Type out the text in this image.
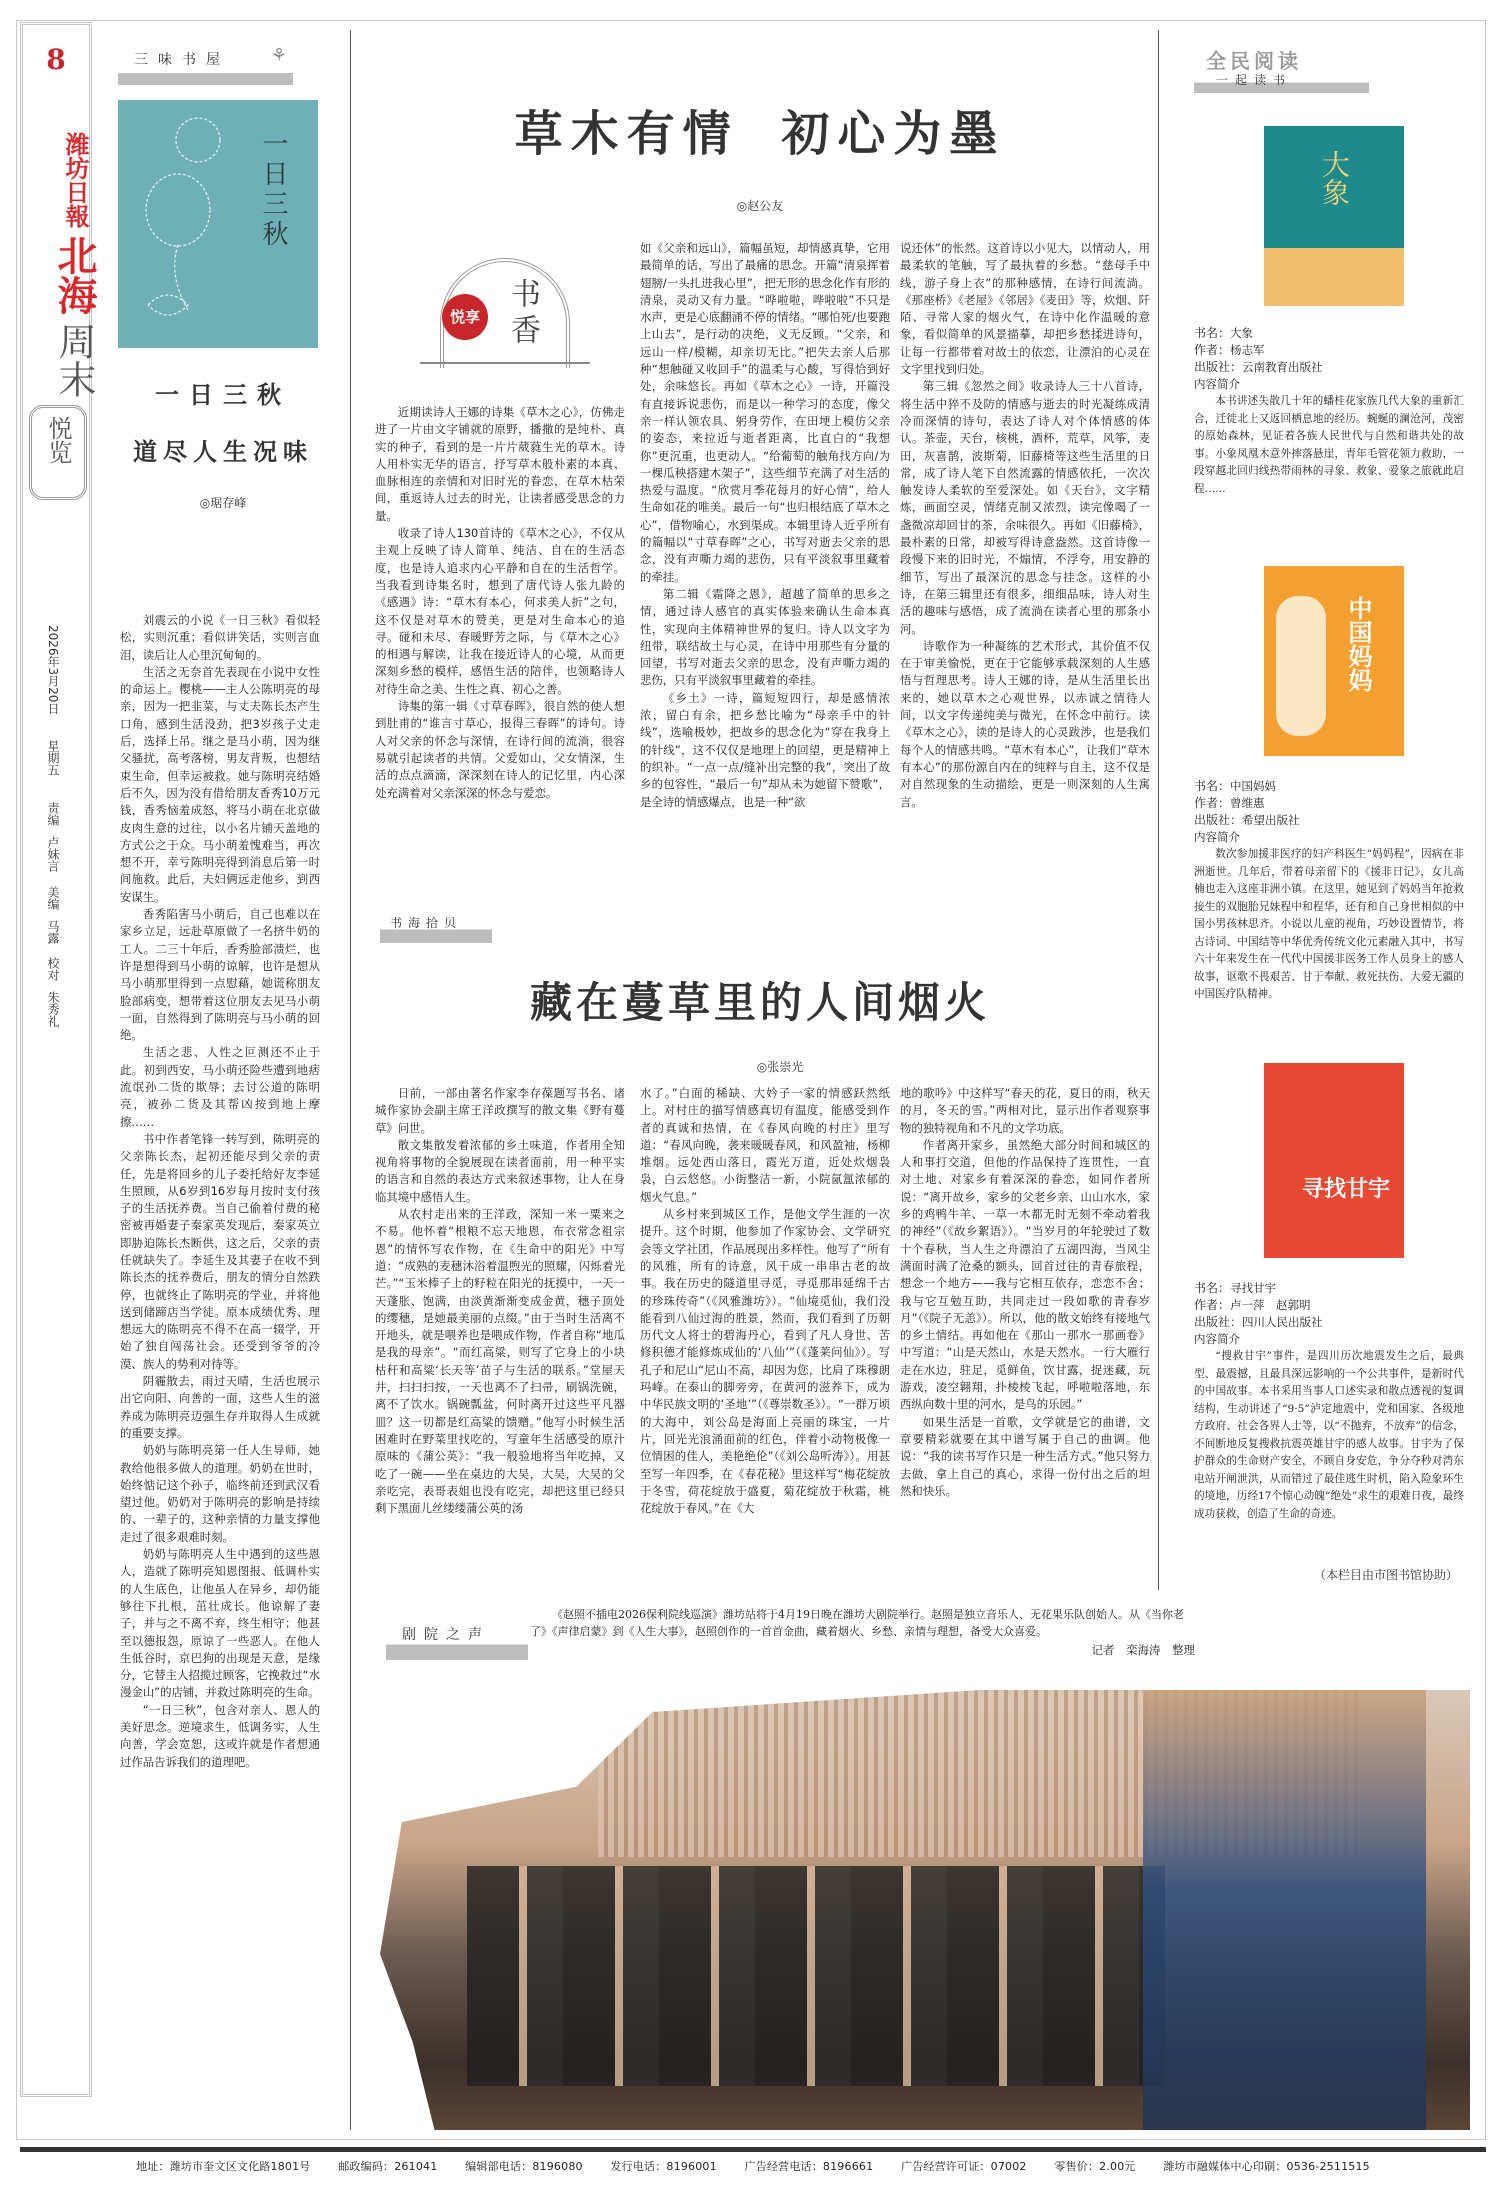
8
潍坊日報
北海
周末
悦览
2026年3月20日 星期五 责编 卢妹言 美编 马露 校对 朱秀礼
三味书屋 ⚘
一日三秋
一日三秋
道尽人生况味
◎琚存峰

刘震云的小说《一日三秋》看似轻松，实则沉重；看似讲笑话，实则言血泪，读后让人心里沉甸甸的。

生活之无奈首先表现在小说中女性的命运上。樱桃——主人公陈明亮的母亲，因为一把韭菜，与丈夫陈长杰产生口角，感到生活没劲，把3岁孩子丈走后，选择上吊。继之是马小萌，因为继父骚扰，高考落榜，男友背叛，也想结束生命，但幸运被救。她与陈明亮结婚后不久，因为没有借给朋友香秀10万元钱，香秀恼羞成怒，将马小萌在北京做皮肉生意的过往，以小名片铺天盖地的方式公之于众。马小萌羞愧难当，再次想不开，幸亏陈明亮得到消息后第一时间施救。此后，夫妇俩远走他乡，到西安谋生。

香秀陷害马小萌后，自己也难以在家乡立足，远赴草原做了一名挤牛奶的工人。二三十年后，香秀脸部溃烂，也许是想得到马小萌的谅解，也许是想从马小萌那里得到一点慰藉，她谎称朋友脸部病变，想带着这位朋友去见马小萌一面，自然得到了陈明亮与马小萌的回绝。

生活之悲、人性之叵测还不止于此。初到西安，马小萌还险些遭到地痞流氓孙二货的欺辱；去讨公道的陈明亮，被孙二货及其帮凶按到地上摩擦……

书中作者笔锋一转写到，陈明亮的父亲陈长杰，起初还能尽到父亲的责任，先是将回乡的儿子委托给好友李延生照顾，从6岁到16岁每月按时支付孩子的生活抚养费。当自己偷着付费的秘密被再婚妻子秦家英发现后，秦家英立即胁迫陈长杰断供，这之后，父亲的责任就缺失了。李延生及其妻子在收不到陈长杰的抚养费后，朋友的情分自然跌停，也就终止了陈明亮的学业，并将他送到储蹄店当学徒。原本成绩优秀、理想远大的陈明亮不得不在高一辍学，开始了独自闯荡社会。还受到爷爷的冷漠、族人的势利对待等。

阴霾散去，雨过天晴，生活也展示出它向阳、向善的一面，这些人生的滋养成为陈明亮迈强生存并取得人生成就的重要支撑。

奶奶与陈明亮第一任人生导师，她教给他很多做人的道理。奶奶在世时，始终惦记这个孙子，临终前还到武汉看望过他。奶奶对于陈明亮的影响是持续的、一辈子的，这种亲情的力量支撑他走过了很多艰难时刻。

奶奶与陈明亮人生中遇到的这些恩人，造就了陈明亮知恩图报、低调朴实的人生底色，让他虽人在异乡，却仍能够往下扎根，茁壮成长。他谅解了妻子，并与之不离不弃，终生相守；他甚至以德报怨，原谅了一些恶人。在他人生低谷时，京巴狗的出现是天意，是缘分，它替主人招揽过顾客，它挽救过“水漫金山”的店铺，并救过陈明亮的生命。

“一日三秋”，包含对亲人、恩人的美好思念。逆境求生，低调务实，人生向善，学会宽恕，这或许就是作者想通过作品告诉我们的道理吧。

草木有情  初心为墨
◎赵公友
悦享 书香

近期读诗人王娜的诗集《草木之心》，仿佛走进了一片由文字铺就的原野，播撒的是纯朴、真实的种子，看到的是一片片葳蕤生光的草木。诗人用朴实无华的语言，抒写草木般朴素的本真、血脉相连的亲情和对旧时光的眷恋，在草木枯荣间，重返诗人过去的时光，让读者感受思念的力量。

收录了诗人130首诗的《草木之心》，不仅从主观上反映了诗人简单、纯洁、自在的生活态度，也是诗人追求内心平静和自在的生活哲学。当我看到诗集名时，想到了唐代诗人张九龄的《感遇》诗：“草木有本心，何求美人折”之句，这不仅是对草木的赞美，更是对生命本心的追寻。碰和未尽、春暖野芳之际，与《草木之心》的相遇与解读，让我在接近诗人的心境，从而更深刻乡愁的模样，感悟生活的陪伴，也领略诗人对待生命之美、生性之真、初心之善。

诗集的第一辑《寸草春晖》，很自然的使人想到肚甫的“谁言寸草心，报得三春晖”的诗句。诗人对父亲的怀念与深情，在诗行间的流淌，很容易就引起读者的共情。父爱如山，父女情深，生活的点点滴滴，深深刻在诗人的记忆里，内心深处充满着对父亲深深的怀念与爱恋。

如《父亲和远山》，篇幅虽短，却情感真挚，它用最简单的话，写出了最痛的思念。开篇“清泉挥着翅膀/一头扎进我心里”，把无形的思念化作有形的清泉，灵动又有力量。“哗啦啦，哗啦啦”不只是水声，更是心底翻涌不停的情绪。“哪怕死/也要跑上山去”，是行动的决绝，义无反顾。“父亲，和远山一样/模糊，却亲切无比。”把失去亲人后那种“想触碰又收回手”的温柔与心酸，写得恰到好处，余味悠长。再如《草木之心》一诗，开篇没有直接诉说悲伤，而是以一种学习的态度，像父亲一样认领农具、躬身劳作，在田埂上模仿父亲的姿态，来拉近与逝者距离，比直白的“我想你”更沉重，也更动人。“给葡萄的触角找方向/为一棵瓜秧搭建木架子”，这些细节充满了对生活的热爱与温度。“欣赏月季花每月的好心情”，给人生命如花的唯美。最后一句“也归根结底了草木之心”，借物喻心，水到渠成。本辑里诗人近乎所有的篇幅以“寸草春晖”之心，书写对逝去父亲的思念，没有声嘶力竭的悲伤，只有平淡叙事里藏着的牵挂。

第二辑《霜降之恩》，超越了简单的思乡之情，通过诗人感官的真实体验来确认生命本真性，实现向主体精神世界的复归。诗人以文字为纽带，联结故土与心灵，在诗中用那些有分量的回望，书写对逝去父亲的思念，没有声嘶力竭的悲伤，只有平淡叙事里藏着的牵挂。

《乡土》一诗，篇短短四行，却是感情浓浓，留白有余，把乡愁比喻为“母亲手中的针线”，选喻极妙，把故乡的思念化为“穿在我身上的针线”，这不仅仅是地理上的回望，更是精神上的织补。“一点一点/缝补出完整的我”，突出了故乡的包容性，“最后一句”却从未为她留下赞歌”，是全诗的情感爆点，也是一种“欲

说还休”的怅然。这首诗以小见大，以情动人，用最柔软的笔触，写了最执着的乡愁。“慈母手中线，游子身上衣”的那种感情，在诗行间流淌。《那座桥》《老屋》《邻居》《麦田》等，炊烟、阡陌、寻常人家的烟火气，在诗中化作温暖的意象，看似简单的风景描摹，却把乡愁揉进诗句，让每一行都带着对故土的依恋，让漂泊的心灵在文字里找到归处。

第三辑《忽然之间》收录诗人三十八首诗，将生活中猝不及防的情感与逝去的时光凝练成清冷而深情的诗句，表达了诗人对个体情感的体认。茶壶，天台，核桃，酒杯，荒草，风筝，麦田，灰喜鹊，波斯菊，旧藤椅等这些生活里的日常，成了诗人笔下自然流露的情感依托，一次次触发诗人柔软的至爱深处。如《天台》，文字精炼，画面空灵，情绪克制又浓烈，读完像喝了一盏微凉却回甘的茶，余味很久。再如《旧藤椅》，最朴素的日常，却被写得诗意盎然。这首诗像一段慢下来的旧时光，不煽情，不浮夸，用安静的细节，写出了最深沉的思念与挂念。这样的小诗，在第三辑里还有很多，细细品味，诗人对生活的趣味与感悟，成了流淌在读者心里的那条小河。

诗歌作为一种凝练的艺术形式，其价值不仅在于审美愉悦，更在于它能够承载深刻的人生感悟与哲理思考。诗人王娜的诗，是从生活里长出来的，她以草木之心观世界，以赤诚之情待人间，以文字传递纯美与微光，在怀念中前行。读《草木之心》，读的是诗人的心灵跋涉，也是我们每个人的情感共鸣。“草木有本心”，让我们“草木有本心”的那份源自内在的纯粹与自主，这不仅是对自然现象的生动描绘，更是一则深刻的人生寓言。

书海拾贝
藏在蔓草里的人间烟火
◎张崇光

日前，一部由著名作家李存葆题写书名、诸城作家协会副主席王洋政撰写的散文集《野有蔓草》问世。

散文集散发着浓郁的乡土味道，作者用全知视角将事物的全貌展现在读者面前，用一种平实的语言和自然的表达方式来叙述事物，让人在身临其境中感悟人生。

从农村走出来的王洋政，深知一米一粟来之不易。他怀着“根粮不忘天地恩，布衣常念祖宗恩”的情怀写农作物，在《生命中的阳光》中写道：“成熟的麦穗沐浴着温煦光的照耀，闪烁着光芒。”“玉米棒子上的籽粒在阳光的抚摸中，一天一天蓬胀、饱满，由淡黄渐渐变成金黄，穗子顶处的缨穗，是她最美丽的点缀。”由于当时生活离不开地头，就是喂养也是喂成作物，作者自称“地瓜是我的母亲”。“而红高粱，则写了它身上的小块枯秆和高粱‘长天等’苗子与生活的联系。”堂屋天井，扫扫扫按，一天也离不了扫帚，刷锅洗碗，离不了饮水。锅碗瓢盆，何时离开过这些平凡器皿？这一切都是红高粱的馈赠。”他写小时候生活困难时在野菜里找吃的，写童年生活感受的原汁原味的《蒲公英》：“我一般验地将当年吃掉，又吃了一碗——坐在桌边的大吴，大吴，大吴的父亲吃完，表哥表姐也没有吃完，却把这里已经只剩下黑面儿丝缕缕蒲公英的汤

水了。”白面的稀缺、大妗子一家的情感跃然纸上。对村庄的描写情感真切有温度，能感受到作者的真诚和热情，在《春风向晚的村庄》里写道：“春风向晚，袭来暖暖春风，和风盈袖，杨柳堆烟。远处西山落日，霞光万道，近处炊烟袅袅，白云悠悠。小街整洁一新，小院氤氲浓郁的烟火气息。”

从乡村来到城区工作，是他文学生涯的一次提升。这个时期，他参加了作家协会、文学研究会等文学社团，作品展现出多样性。他写了“所有的风雅，所有的诗意，风干成一串串古老的故事。我在历史的隧道里寻觅，寻觅那串延绵千古的珍珠传奇”（《风雅潍坊》）。“仙境觅仙，我们没能看到八仙过海的胜景，然而，我们看到了历朝历代文人将士的碧海丹心，看到了凡人身世、苦修积德才能修炼成仙的‘八仙’”（《蓬莱问仙》）。写孔子和尼山“尼山不高，却因为您，比肩了珠穆朗玛峰。在泰山的脚旁旁，在黄河的滋养下，成为中华民族文明的‘圣地’”（《尊崇数圣》）。“一群万顷的大海中，刘公岛是海面上亮丽的珠宝，一片片，回光光浪涌面前的红色，伴着小动物极像一位情困的佳人，美艳绝伦”（《刘公岛听涛》）。用甚至写一年四季，在《春花秘》里这样写“梅花绽放于冬雪，荷花绽放于盛夏，菊花绽放于秋霜，桃花绽放于春风。”在《大

地的歌吟》中这样写“春天的花，夏日的雨，秋天的月，冬天的雪。”两相对比，显示出作者观察事物的独特视角和不凡的文学功底。

作者离开家乡，虽然绝大部分时间和城区的人和事打交道，但他的作品保持了连贯性，一直对土地、对家乡有着深深的眷恋，如同作者所说：“离开故乡，家乡的父老乡亲、山山水水，家乡的鸡鸭牛羊、一草一木都无时无刻不牵动着我的神经”（《故乡絮语》）。“当岁月的年轮驶过了数十个春秋，当人生之舟漂泊了五湖四海，当风尘满面时满了沧桑的额头，回首过往的青春旅程，想念一个地方——我与它相互依存，恋恋不舍；我与它互勉互助，共同走过一段如歌的青春岁月”（《院子无恙》）。所以，他的散文始终有接地气的乡土情结。再如他在《那山一那水一那画卷》中写道：“山是天然山，水是天然水。一行大雁行走在水边，驻足，觅鲜鱼，饮甘露，捉迷藏，玩游戏，凌空翱翔，扑棱棱飞起，呼啦啦落地，东西纵向数十里的河水，是鸟的乐园。”

如果生活是一首歌，文学就是它的曲谱，文章要精彩就要在其中谱写属于自己的曲调。他说：“我的读书写作只是一种生活方式。”他只努力去做，拿上自己的真心，求得一份付出之后的坦然和快乐。

全民阅读
一起读书
大象
书名：大象
作者：杨志军
出版社：云南教育出版社
内容简介
本书讲述失散几十年的蟠桂花家族几代大象的重新汇合，迁徙北上又返回栖息地的经历。蜿蜒的澜沧河，茂密的原始森林，见证着各族人民世代与自然和谐共处的故事。小象凤凰木意外摔落悬崖，青年毛管花领力救助，一段穿越北回归线热带雨林的寻象、救象、爱象之旅就此启程……
中国妈妈
书名：中国妈妈
作者：曾维惠
出版社：希望出版社
内容简介
数次参加援非医疗的妇产科医生“妈妈程”，因病在非洲逝世。几年后，带着母亲留下的《援非日记》，女儿高楠也走入这座非洲小镇。在这里，她见到了妈妈当年抢救接生的双胞胎兄妹程中和程华，还有和自己身世相似的中国小男孩林思齐。小说以儿童的视角，巧妙设置情节，将古诗词、中国结等中华优秀传统文化元素融入其中，书写六十年来发生在一代代中国援非医务工作人员身上的感人故事，讴歌不畏艰苦、甘于奉献、救死扶伤、大爱无疆的中国医疗队精神。
寻找甘宇
书名：寻找甘宇
作者：卢一萍　赵郭明
出版社：四川人民出版社
内容简介
“搜救甘宇”事件，是四川历次地震发生之后，最典型、最震撼，且最具深远影响的一个公共事件，是新时代的中国故事。本书采用当事人口述实录和散点透视的复调结构，生动讲述了“9·5”泸定地震中，党和国家、各级地方政府、社会各界人士等，以“不抛弃，不放弃”的信念，不间断地反复搜救抗震英雄甘宇的感人故事。甘宇为了保护群众的生命财产安全，不顾自身安危，争分夺秒对湾东电站开闸泄洪，从而错过了最佳逃生时机，陷入险象环生的境地，历经17个惊心动魄“绝处”求生的艰难日夜，最终成功获救，创造了生命的奇迹。
（本栏目由市图书馆协助）
剧院之声
《赵照不插电2026保利院线巡演》潍坊站将于4月19日晚在潍坊大剧院举行。赵照是独立音乐人、无花果乐队创始人。从《当你老了》《声律启蒙》到《人生大事》，赵照创作的一首首金曲，藏着烟火、乡愁、亲情与理想，备受大众喜爱。
记者　栾海涛　整理
地址：潍坊市奎文区文化路1801号	邮政编码：261041	编辑部电话：8196080	发行电话：8196001	广告经营电话：8196661	广告经营许可证：07002	零售价：2.00元	潍坊市融媒体中心印刷：0536-2511515
